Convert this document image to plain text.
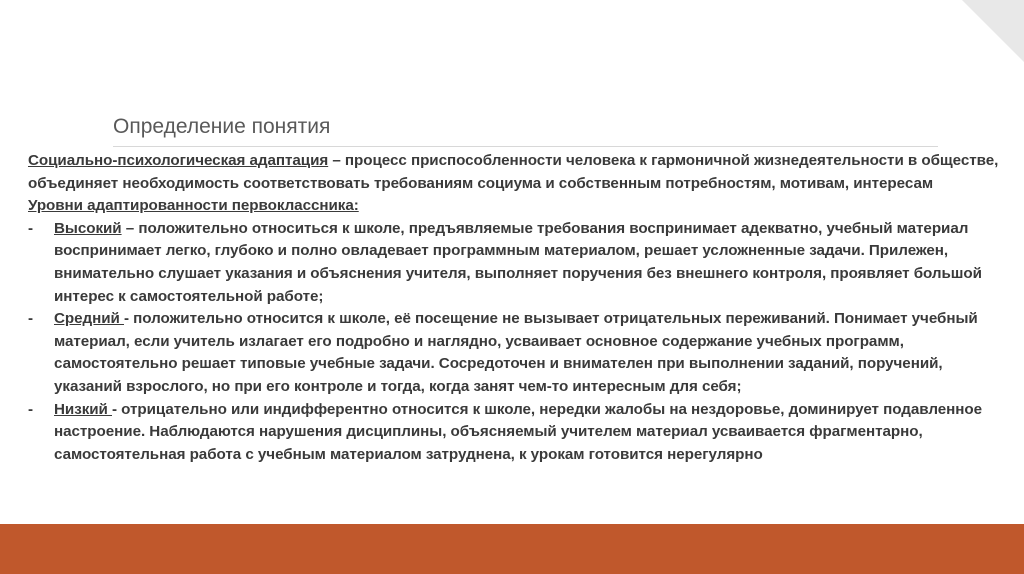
Определение понятия
Социально-психологическая адаптация – процесс приспособленности человека к гармоничной жизнедеятельности в обществе, объединяет необходимость соответствовать требованиям социума и собственным потребностям, мотивам, интересам
Уровни адаптированности первоклассника:
-	Высокий – положительно относиться к школе, предъявляемые требования воспринимает адекватно, учебный материал воспринимает легко, глубоко и полно овладевает программным материалом, решает усложненные задачи. Прилежен, внимательно слушает указания и объяснения учителя, выполняет поручения без внешнего контроля, проявляет большой интерес к самостоятельной работе;
-	Средний - положительно относится к школе, её посещение не вызывает отрицательных переживаний. Понимает учебный материал, если учитель излагает его подробно и наглядно, усваивает основное содержание учебных программ, самостоятельно решает типовые учебные задачи. Сосредоточен и внимателен при выполнении заданий, поручений, указаний взрослого, но при его контроле и тогда, когда занят чем-то интересным для себя;
-	Низкий - отрицательно или индифферентно относится к школе, нередки жалобы на нездоровье, доминирует подавленное настроение. Наблюдаются нарушения дисциплины, объясняемый учителем материал усваивается фрагментарно, самостоятельная работа с учебным материалом затруднена, к урокам готовится нерегулярно
